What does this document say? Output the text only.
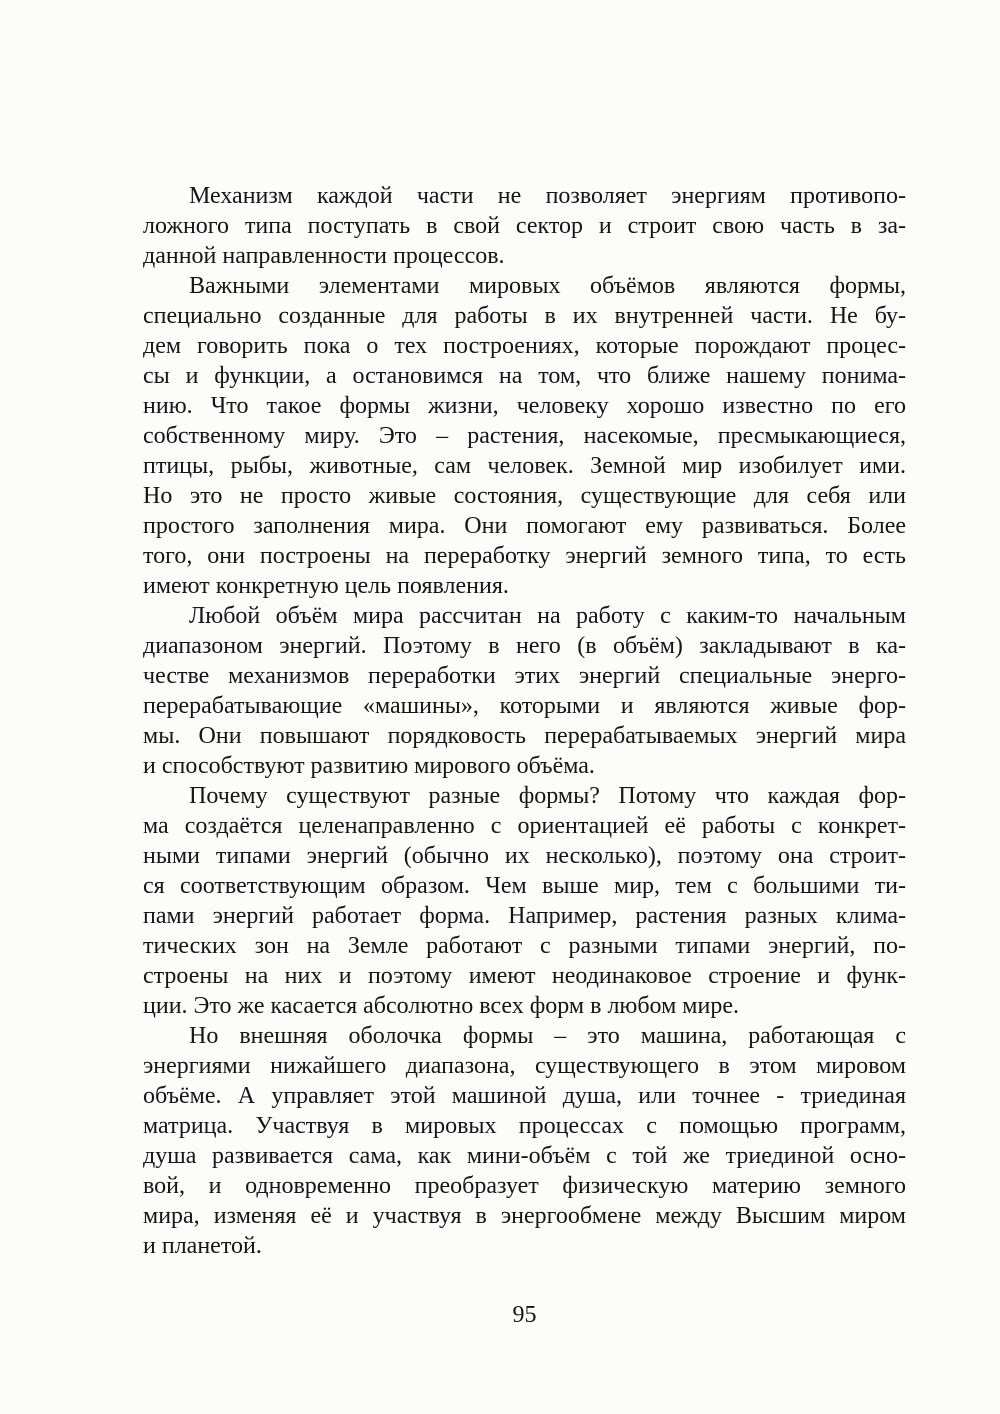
Механизм каждой части не позволяет энергиям противопо-
ложного типа поступать в свой сектор и строит свою часть в за-
данной направленности процессов.
Важными элементами мировых объёмов являются формы,
специально созданные для работы в их внутренней части. Не бу-
дем говорить пока о тех построениях, которые порождают процес-
сы и функции, а остановимся на том, что ближе нашему понима-
нию. Что такое формы жизни, человеку хорошо известно по его
собственному миру. Это – растения, насекомые, пресмыкающиеся,
птицы, рыбы, животные, сам человек. Земной мир изобилует ими.
Но это не просто живые состояния, существующие для себя или
простого заполнения мира. Они помогают ему развиваться. Более
того, они построены на переработку энергий земного типа, то есть
имеют конкретную цель появления.
Любой объём мира рассчитан на работу с каким-то начальным
диапазоном энергий. Поэтому в него (в объём) закладывают в ка-
честве механизмов переработки этих энергий специальные энерго-
перерабатывающие «машины», которыми и являются живые фор-
мы. Они повышают порядковость перерабатываемых энергий мира
и способствуют развитию мирового объёма.
Почему существуют разные формы? Потому что каждая фор-
ма создаётся целенаправленно с ориентацией её работы с конкрет-
ными типами энергий (обычно их несколько), поэтому она строит-
ся соответствующим образом. Чем выше мир, тем с большими ти-
пами энергий работает форма. Например, растения разных клима-
тических зон на Земле работают с разными типами энергий, по-
строены на них и поэтому имеют неодинаковое строение и функ-
ции. Это же касается абсолютно всех форм в любом мире.
Но внешняя оболочка формы – это машина, работающая с
энергиями нижайшего диапазона, существующего в этом мировом
объёме. А управляет этой машиной душа, или точнее - триединая
матрица. Участвуя в мировых процессах с помощью программ,
душа развивается сама, как мини-объём с той же триединой осно-
вой, и одновременно преобразует физическую материю земного
мира, изменяя её и участвуя в энергообмене между Высшим миром
и планетой.
95
